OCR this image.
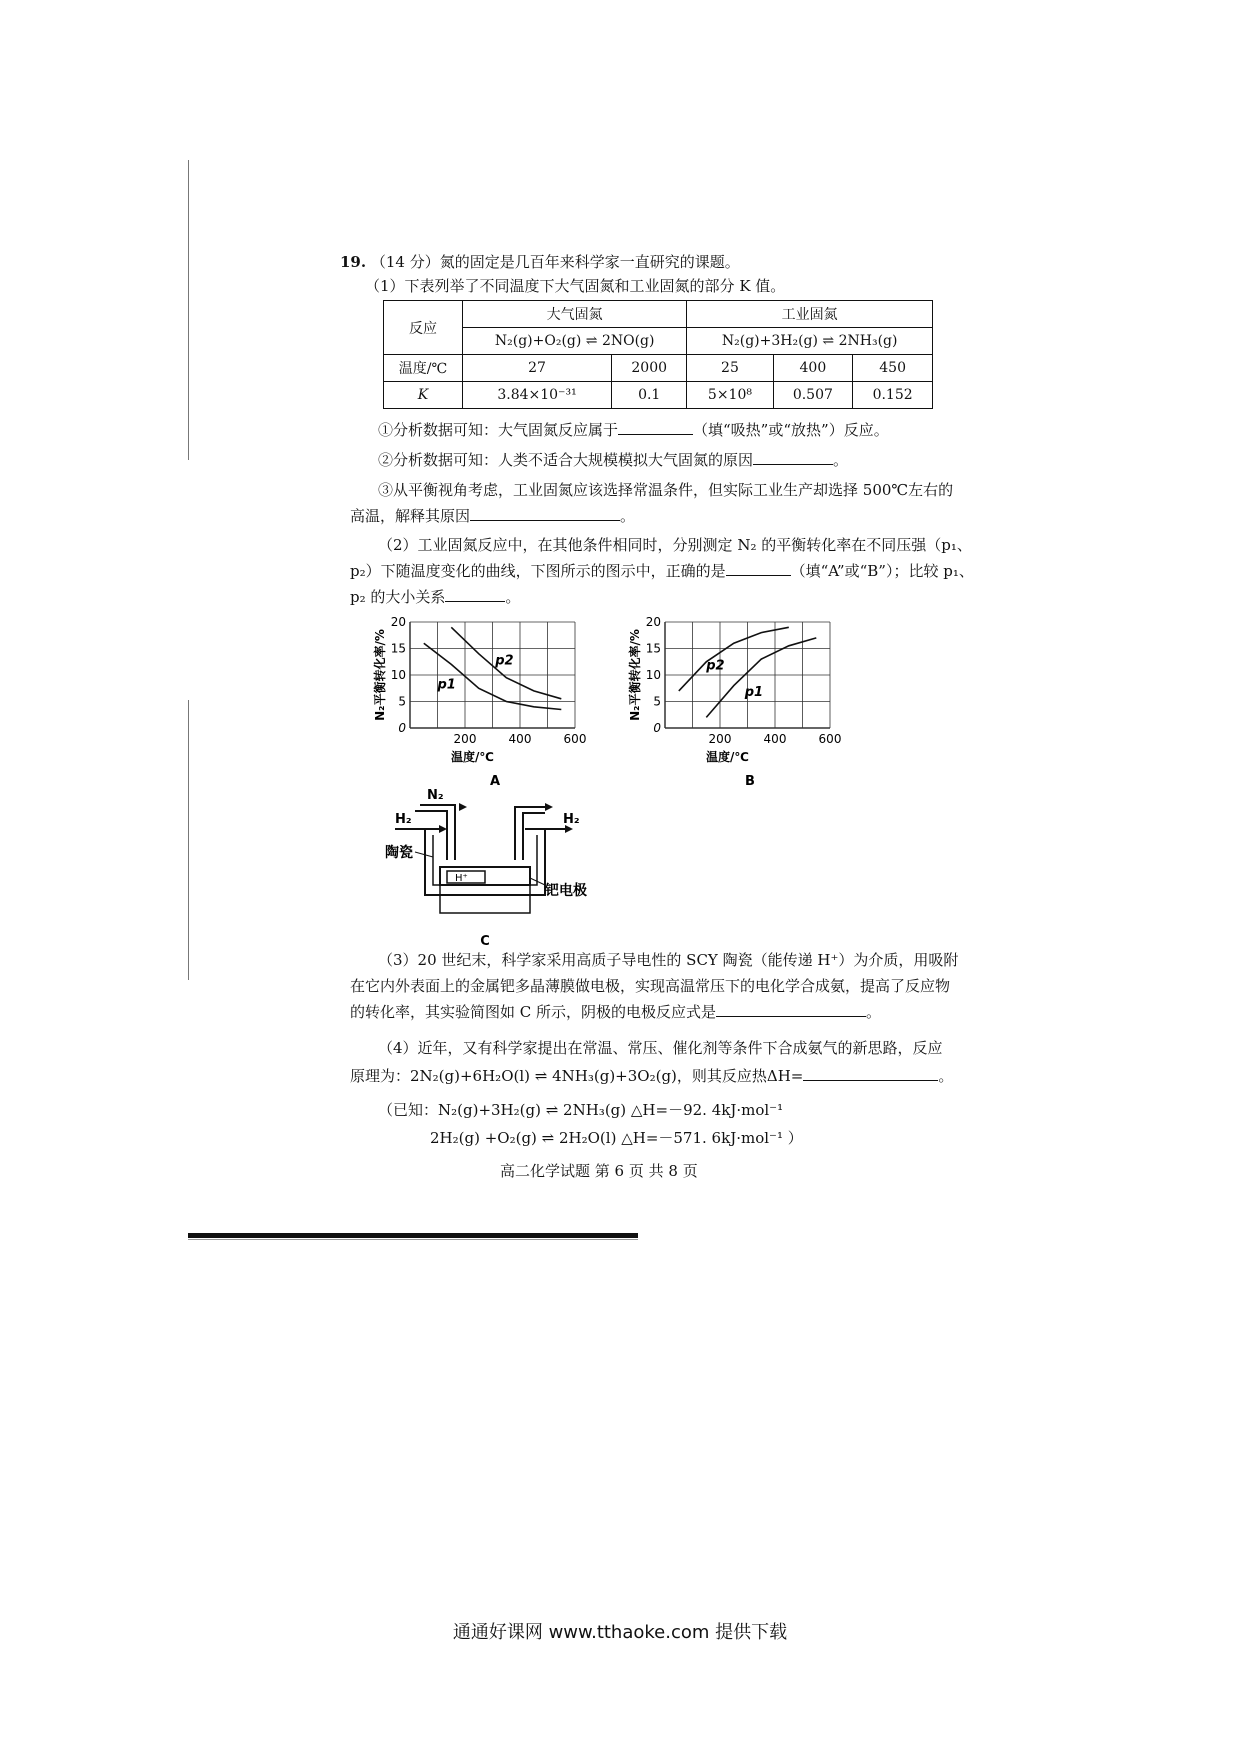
19. （14 分）氮的固定是几百年来科学家一直研究的课题。
（1）下表列举了不同温度下大气固氮和工业固氮的部分 K 值。
反应	大气固氮		工业固氮		
	N₂(g)+O₂(g) ⇌ 2NO(g)		N₂(g)+3H₂(g) ⇌ 2NH₃(g)		
温度/℃	27	2000	25	400	450
K	3.84×10⁻³¹	0.1	5×10⁸	0.507	0.152
①分析数据可知：大气固氮反应属于	（填“吸热”或“放热”）反应。
②分析数据可知：人类不适合大规模模拟大气固氮的原因	。
③从平衡视角考虑，工业固氮应该选择常温条件，但实际工业生产却选择 500℃左右的
高温，解释其原因	。
（2）工业固氮反应中，在其他条件相同时，分别测定 N₂ 的平衡转化率在不同压强（p₁、
p₂）下随温度变化的曲线，下图所示的图示中，正确的是	（填“A”或“B”）；比较 p₁、
p₂ 的大小关系	。
0
5
10
15
20
200	400	600
温度/℃
N₂平衡转化率/%	p2
p1
A
0
5
10
15
20
200	400	600
温度/℃
N₂平衡转化率/%	p2
p1
B
N₂
H₂	H₂
H⁺
陶瓷
钯电极
C
（3）20 世纪末，科学家采用高质子导电性的 SCY 陶瓷（能传递 H⁺）为介质，用吸附
在它内外表面上的金属钯多晶薄膜做电极，实现高温常压下的电化学合成氨，提高了反应物
的转化率，其实验简图如 C 所示，阴极的电极反应式是	。
（4）近年，又有科学家提出在常温、常压、催化剂等条件下合成氨气的新思路，反应
原理为：2N₂(g)+6H₂O(l) ⇌ 4NH₃(g)+3O₂(g)，则其反应热ΔH=	。
（已知：N₂(g)+3H₂(g) ⇌ 2NH₃(g) △H=－92. 4kJ·mol⁻¹
2H₂(g) +O₂(g) ⇌ 2H₂O(l) △H=－571. 6kJ·mol⁻¹ ）
高二化学试题 第 6 页 共 8 页
通通好课网 www.tthaoke.com 提供下载
